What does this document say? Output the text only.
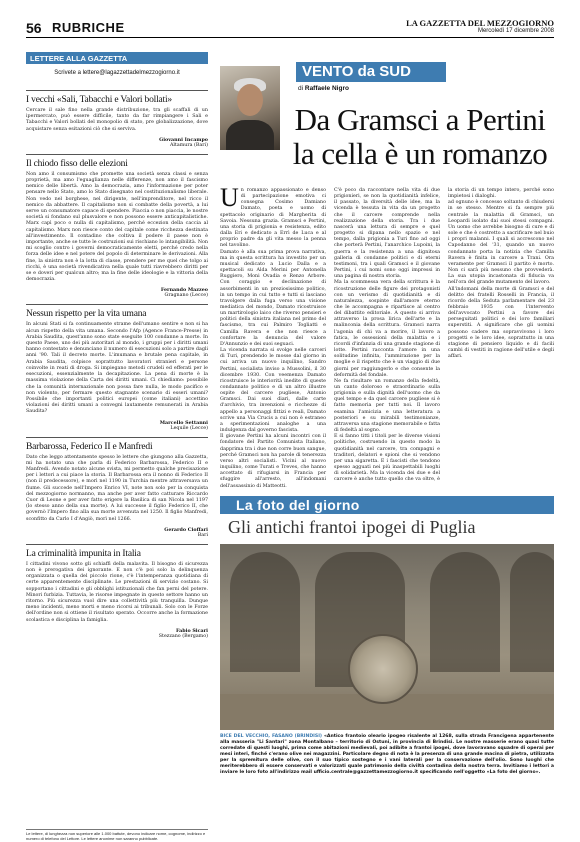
56 RUBRICHE	LA GAZZETTA DEL MEZZOGIORNO
Mercoledì 17 dicembre 2008
LETTERE ALLA GAZZETTA
Scrivete a lettere@lagazzettadelmezzogiorno.it
I vecchi «Sali, Tabacchi e Valori bollati»

Cercare il sale fino nella grande distribuzione, tra gli scaffali di un ipermercato, può essere difficile, tanto da far rimpiangere i Sali e Tabacchi e Valori bollati del monopolio di stato, pre globalizzazione, dove acquistare senza esitazioni ciò che si serviva.

Giovanni Incampo
Altamura (Bari)
Il chiodo fisso delle elezioni

Non amo il consumismo che promette una società senza classi e senza proprietà, ma amo l'eguaglianza nelle differenze, non amo il fascismo nemico delle libertà. Amo la democrazia, amo l'informazione per poter pensare nello Stato, amo lo Stato disegnato nel costituzionalismo liberale. Non vedo nel borghese, nel dirigente, nell'imprenditore, nel ricco il nemico da abbattere. Il capitalismo non si combatte della povertà, a lui serve un consumatore capace di spendere. Piaccia o non piaccia, le nostre società si fondano sul plusvalore e non possono essere anticapitalistiche. Marx capì poco o nulla di capitalismo, perché eccezion della caccia al capitalismo. Marx non riesce conto del capitale come ricchezza destinata all'investimento. Il contadino che coltiva il podere il paese non è importante, anche se tutte le costruzioni sui rischiano lo intangibilità. Non mi scoglio contro i governi democraticamente eletti, perché credo nella forza delle idee e nel potere del popolo di determinare le derivazioni. Alla fine, la sinistra non è la lotta di classe, prendere per me quel che tolgo ai ricchi, è una società rivendicativa nella quale tutti riavrebbero diritti per se e doveri per qualcun altro; ma la fine delle ideologie e la vittoria della democrazia.

Fernando Mazzeo
Gragnano (Lecce)
Nessun rispetto per la vita umana

In alcuni Stati si fa continuamente strame dell'umano sentire e non si ha alcun rispetto della vita umana. Secondo l'Afp (Agence France-Presse) in Arabia Saudita, quest'anno sono state eseguite 100 condanne a morte. In questo Paese, uno dei più autoritari al mondo, i gruppi per i diritti umani hanno contestato e denunciano il numero di esecuzioni solo a partire dagli anni '90. Tali il decreto morte. L'imumana e brutale pena capitale, in Arabia Saudita, colpisce soprattutto lavoratori stranieri e persone coinvolte in reati di droga. Si impiegano metodi crudeli ed efferati per le esecuzioni, essenzialmente la decapitazione. La pena di morte è la massima violazione della Carta dei diritti umani. Ci chiediamo: possibile che la comunità internazionale non possa fare nulla, le modo pacifico e non violento, per fermare questo stagnante scenario di esseri umani? Possibile che importanti politici europei (come italiani) accettino violazioni dei diritti umani a convegni lautamente remunerati in Arabia Saudita?

Marcello Settanni
Lequile (Lecce)
Barbarossa, Federico II e Manfredi

Dato che leggo attentamente spesso le lettere che giungono alla Gazzetta, mi ha notato una che parla di Federico Barbarossa, Federico II e Manfredi. Avendo notato alcune svista, mi permetto qualche precisazione per i lettori a cui piace la storia. Il Barbarossa era il nonno di Federico II (non il predecessore), e morì nel 1190 in Turchia mentre attraversava un fiume. Gli succede nell'Impero Enrico VI, note non solo per la conquista del mezzogiorno normanno, ma anche per aver fatto catturare Riccardo Cuor di Leone e per aver fatto erigere la Basilica di san Nicola nel 1197 (lo stesso anno della sua morte). A lui successe il figlio Federico II, che governò l'Impero fino alla sua morte avvenuta nel 1250. Il figlio Manfredi, sconfitto da Carlo I d'Angiò, morì nel 1266.

Gerardo Cioffari
Bari
La criminalità impunita in Italia

I cittadini vivono sotto gli schiaffi della malavita. Il bisogno di sicurezza non è prerogativa dei ignorante. E non c'è poi solo la delinquenza organizzata o quella del piccolo rione, c'è l'intemperanza quotidiana di certe apparentemente disciplinate. Le prestazioni di servizio costano. Si sopportano i cittadini e gli obblighi istituzionali che fan perni del potere. Minori furbizia. Tuttavia, le risorse impegnate in questo settore hanno un ritorno. Più sicurezza vuol dire una collettività più tranquilla. Dunque meno incidenti, meno morti e meno ricorsi ai tribunali. Solo con le Forze dell'ordine non si ottiene il risultato sperato. Occorre anche la formazione scolastica e disciplina la famiglia.

Fabio Sicari
Stezzano (Bergamo)
Le lettere, di lunghezza non superiore alle 1.000 battute, devono indicare nome, cognome, indirizzo e numero di telefono del Lettore. Le lettere anonime non saranno pubblicate.
VENTO da SUD
di Raffaele Nigro
Da Gramsci a Pertini la cella è un romanzo

Un romanzo appassionato e denso di partecipazione emotiva ci consegna Cosimo Damiano Damato, poeta e uomo di spettacolo originario di Margherita di Savoia. Nessuna grazia. Gramsci e Pertini, una storia di prigionia e resistenza, edito dalla Eri e dedicato a Errì de Luca e al proprio padre da gli vita messo la penna nel tavolino.

Damato è alla sua prima prova narrativa, ma in questa scrittura ha investito per un musical dedicato a Lucio Dalla e a spettacoli su Alda Merini per Antonella Ruggiero, Moni Ovadia e Renzo Arbore. Con coraggio e declinazione di assorbimenti in un preziosissimo politico, in un tempo in cui tutto e tutti si lasciano travolgere dalla fuga verso una visione mediatica del mondo, Damato ricostruisce un martirologio laico che riverso pensieri e politici della sinistra italiana nel primo del fascismo, tra cui Palmiro Togliatti e Camilla Ravera e che non riesce a confortare la denuncia del valore D'Annunzio e dei suoi seguaci.

La vicenda narrata si svolge nelle carceri di Turi, prendendo le mosse dal giorno in cui arriva un nuovo inquilino, Sandro Pertini, socialista inviso a Mussolini, il 30 dicembre 1930. Con veemenza Damato ricostruisce le interiorità inedite di queste condannato politico e di un altro illustre ospite del carcere pugliese, Antonio Gramsci. Dai suoi diari, dalle carte d'archivio, tra invenzioni e ricchezze di appello a personaggi fittizi e reali, Damato scrive una Via Crucis a cui non è estraneo a sperimentazioni analoghe a una indulgenza dal governo fascista.

Il giovane Pertini ha alcuni incontri con il fondatore del Partito Comunista Italiano, dapprima tra i due non corre buon sangue, perché Gramsci non ha parole di tenerezza verso altri socialisti. Vicini al nuovo inquilino, come Turati e Treves, che hanno accettato di rifugiarsi in Francia per sfuggire all'arresto, all'indomani dell'assassinio di Matteotti.

C'è poco da raccontare nella vita di due prigionieri, se non la quotidianità infelice, il passato, la diversità delle idee, ma la vicenda è tessuta in vita da un progetto che il carcere comprende nella realizzazione della storia. Tra i due nascerà una lettura di sempre e quel progetto si dipana nello spazio e nel tempo, dalla prigionia a Turi fino ad oggi che porterà Pertini, l'anarchico Lupoini, la guerra e la resistenza a una dignitosa galleria di condanne politici e di eterni testimoni, tra i quali Gramsci e il giovane Pertini, i cui nomi sono oggi impressi in una pagina di nostra storia.

Ma la scommessa vera della scrittura è la ricostruzione delle figure dei protagonisti con un verismo di quotidianità e di naturalezza, sospinte dall'amore eterno che le accompagna e ripartisce al centro del dibattito editoriale. A questo si arriva attraverso la prosa lirica dell'arte e la malinconia della scrittura. Gramsci narra l'agonia di chi va a morire, il lavoro a fatica, le ossessioni della malattia e i ricordi d'infanzia di una grande stagione di lotte. Pertini racconta l'amore in una solitudine infinita, l'ammirazione per la moglie e il rispetto che è un viaggio di due giorni per raggiungerlo e che consente la deformità del fondale.

Ne fa risultare un romanzo della fedeltà, un canto doloroso e straordinario sulla prigionia e sulla dignità dell'uomo che da quel tempo e da quel carcere pugliese si è fatto memoria per tutti noi. Il lavoro esamina l'amicizia e una letteratura a posteriori e su mirabili testimonianze, attraversa una stagione memorabile e fatta di fedeltà al sogno.

E si fanno titti i titoli per le diverse visioni politiche, costruendo in questo modo la quotidianità nel carcere, tra compagni e traditori, delatori e spioni che si vendono per una sigaretta. E i fascisti che tendono spesso agguati nei più inaspettabili luoghi di solidarietà. Ma la vicenda dei due e del carcere è anche tutto quello che va oltre, è la storia di un tempo intero, perché sono impietosi i dialoghi.

ad ognuno è concesso soltanto di chiudersi in se stesso. Mentre si fa sempre più centrale la malattia di Gramsci, un Leopardi isolato dai suoi stessi compagni. Un uomo che avrebbe bisogno di cure e di sole e che è costretto a sacrificare nel buio i propri malanni. I quali si accrescono nel Capodanno del '31, quando un nuovo condannato porta la notizia che Camilla Ravera è finita in carcere a Trani. Ora veramente per Gramsci il partito è morto. Non ci sarà più nessuno che provvederà. La sua utopia incastonata di fiducia va nell'ora del grande mutamento del lavoro.

All'indomani della morte di Gramsci e del delitto dei fratelli Rosselli in Francia, il ricordo della Seduta parlamentare del 23 febbraio 1935 con l'intervento dell'avvocato Pertini a favore dei perseguitati politici e dei loro familiari superstiti. A significare che gli uomini possono cadere ma sopravvivono i loro progetti e le loro idee, soprattutto in una stagione di pensiero liquido e di facili cambi di vestiti in ragione dell'utile e degli affari.

La foto del giorno
Gli antichi frantoi ipogei di Puglia
BICE DEL VECCHIO, FASANO (BRINDISI) «Antico frantoio oleario ipogeo risalente al 1268, sulla strada Francigena appartenente alla masseria "Li Santari" zona Montalbano – territorio di Ostuni, in provincia di Brindisi. Le nostre masserie erano quasi tutte corredate di questi luoghi, prima come abitazioni medievali, poi adibite a frantoi ipogei, dove lavoravano squadre di operai per mesi interi, finché c'erano olive nei magazzini. Particolare degno di nota è la presenza di una grande macina di pietra, utilizzata per la spremitura delle olive, con il suo tipico sostegno e i vani laterali per la conservazione dell'olio. Sono luoghi che meriterebbero di essere conservati e valorizzati quale patrimonio della civiltà contadina della nostra terra. Invitiamo i lettori a inviare le loro foto all'indirizzo mail ufficio.centrale@gazzettamezzogiorno.it specificando nell'oggetto «La foto del giorno».
